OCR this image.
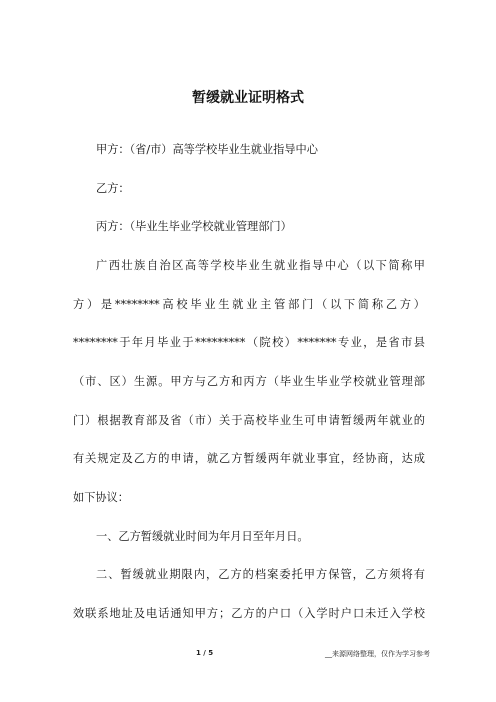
暂缓就业证明格式
甲方：（省/市）高等学校毕业生就业指导中心
乙方：
丙方：（毕业生毕业学校就业管理部门）
广西壮族自治区高等学校毕业生就业指导中心（以下简称甲
方）是********高校毕业生就业主管部门（以下简称乙方）
********于年月毕业于*********（院校）*******专业，是省市县
（市、区）生源。甲方与乙方和丙方（毕业生毕业学校就业管理部
门）根据教育部及省（市）关于高校毕业生可申请暂缓两年就业的
有关规定及乙方的申请，就乙方暂缓两年就业事宜，经协商，达成
如下协议：
一、乙方暂缓就业时间为年月日至年月日。
二、暂缓就业期限内，乙方的档案委托甲方保管，乙方须将有
效联系地址及电话通知甲方；乙方的户口（入学时户口未迁入学校
1 / 5	__来源网络整理，仅作为学习参考
